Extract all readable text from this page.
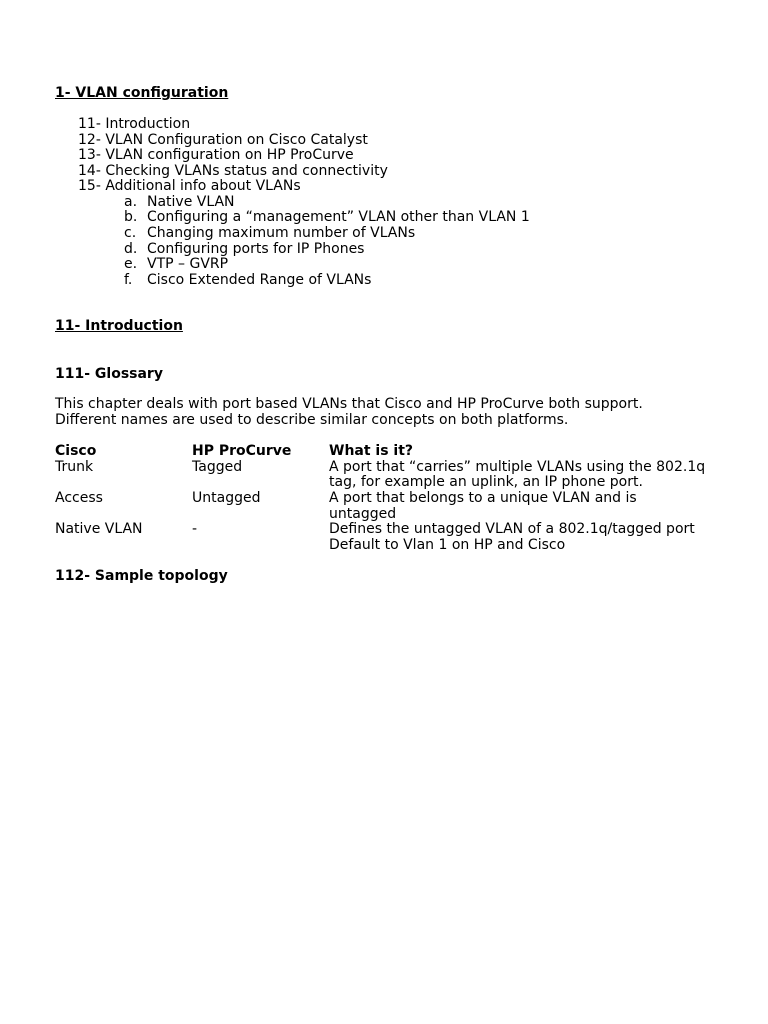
1- VLAN configuration
11- Introduction
12- VLAN Configuration on Cisco Catalyst
13- VLAN configuration on HP ProCurve
14- Checking VLANs status and connectivity
15- Additional info about VLANs
a. Native VLAN
b. Configuring a “management” VLAN other than VLAN 1
c. Changing maximum number of VLANs
d. Configuring ports for IP Phones
e. VTP – GVRP
f. Cisco Extended Range of VLANs
11- Introduction
111- Glossary
This chapter deals with port based VLANs that Cisco and HP ProCurve both support.
Different names are used to describe similar concepts on both platforms.
Cisco	HP ProCurve	What is it?
Trunk	Tagged	A port that “carries” multiple VLANs using the 802.1q
tag, for example an uplink, an IP phone port.
Access	Untagged	A port that belongs to a unique VLAN and is
untagged
Native VLAN	-	Defines the untagged VLAN of a 802.1q/tagged port
Default to Vlan 1 on HP and Cisco
112- Sample topology
